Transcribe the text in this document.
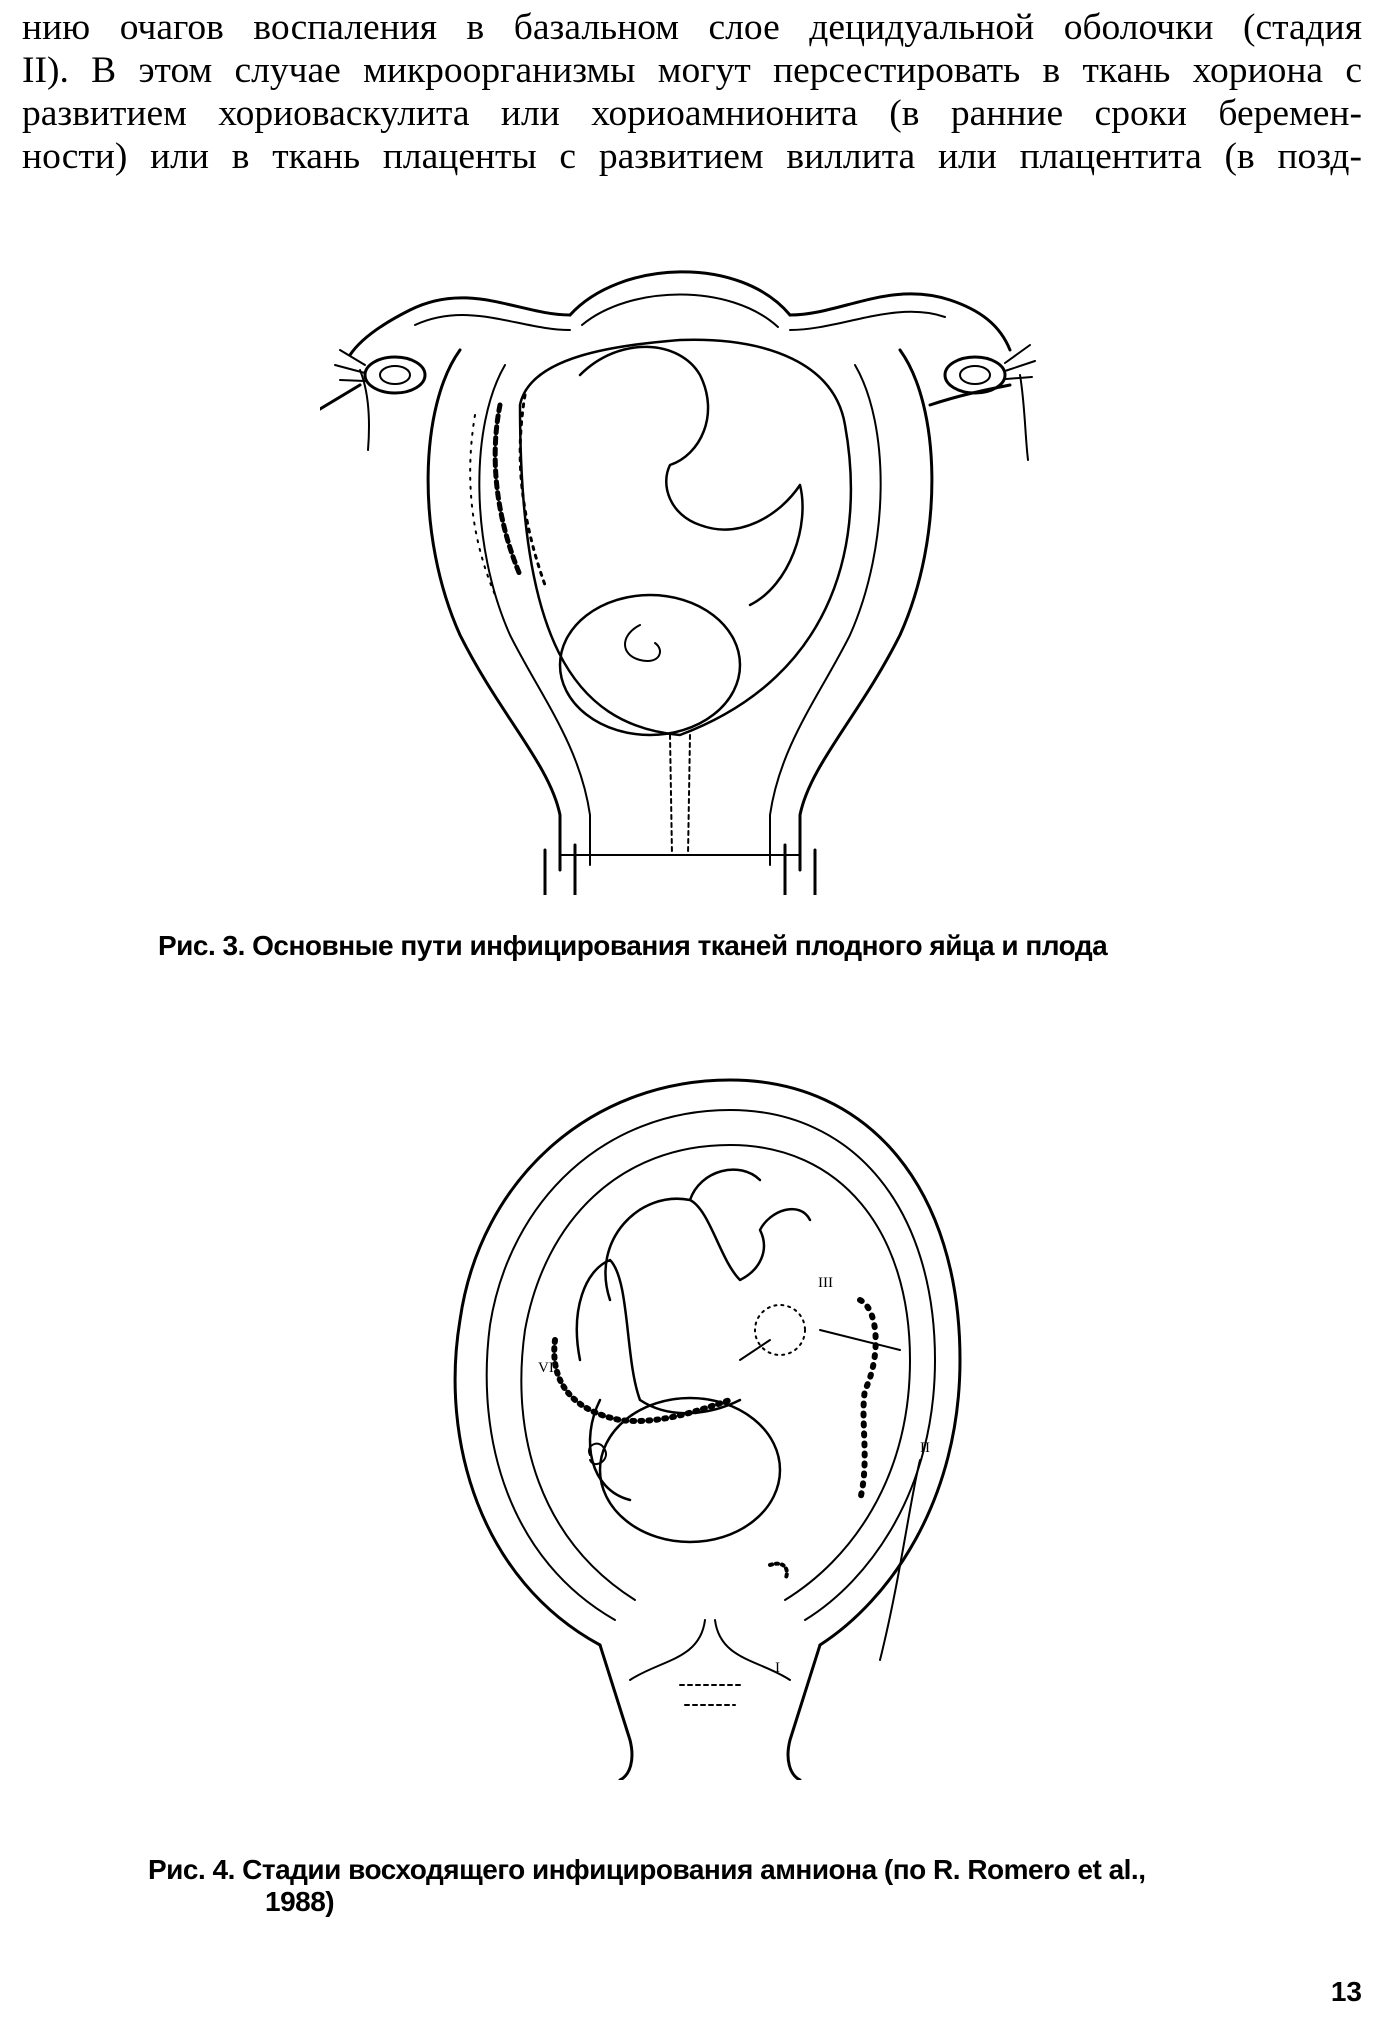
нию очагов воспаления в базальном слое децидуальной оболочки (стадия
II). В этом случае микроорганизмы могут персестировать в ткань хориона с
развитием хориоваскулита или хориоамнионита (в ранние сроки беремен-
ности) или в ткань плаценты с развитием виллита или плацентита (в позд-
Рис. 3. Основные пути инфицирования тканей плодного яйца и плода
III
VI
II
I
Рис. 4. Стадии восходящего инфицирования амниона (по R. Romero et al.,
1988)
13
